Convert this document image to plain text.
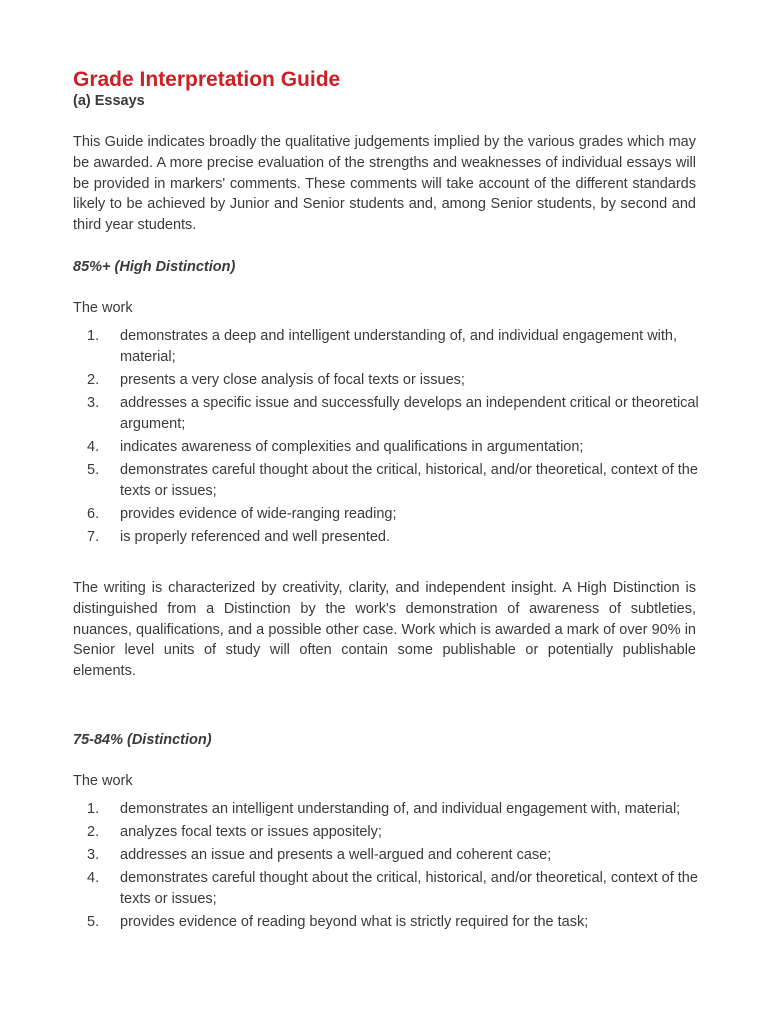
Grade Interpretation Guide
(a) Essays

This Guide indicates broadly the qualitative judgements implied by the various grades which may be awarded. A more precise evaluation of the strengths and weaknesses of individual essays will be provided in markers' comments. These comments will take account of the different standards likely to be achieved by Junior and Senior students and, among Senior students, by second and third year students.

85%+ (High Distinction)

The work

1. demonstrates a deep and intelligent understanding of, and individual engagement with, material;
2. presents a very close analysis of focal texts or issues;
3. addresses a specific issue and successfully develops an independent critical or theoretical argument;
4. indicates awareness of complexities and qualifications in argumentation;
5. demonstrates careful thought about the critical, historical, and/or theoretical, context of the texts or issues;
6. provides evidence of wide-ranging reading;
7. is properly referenced and well presented.

The writing is characterized by creativity, clarity, and independent insight. A High Distinction is distinguished from a Distinction by the work's demonstration of awareness of subtleties, nuances, qualifications, and a possible other case. Work which is awarded a mark of over 90% in Senior level units of study will often contain some publishable or potentially publishable elements.

75-84% (Distinction)

The work

1. demonstrates an intelligent understanding of, and individual engagement with, material;
2. analyzes focal texts or issues appositely;
3. addresses an issue and presents a well-argued and coherent case;
4. demonstrates careful thought about the critical, historical, and/or theoretical, context of the texts or issues;
5. provides evidence of reading beyond what is strictly required for the task;
